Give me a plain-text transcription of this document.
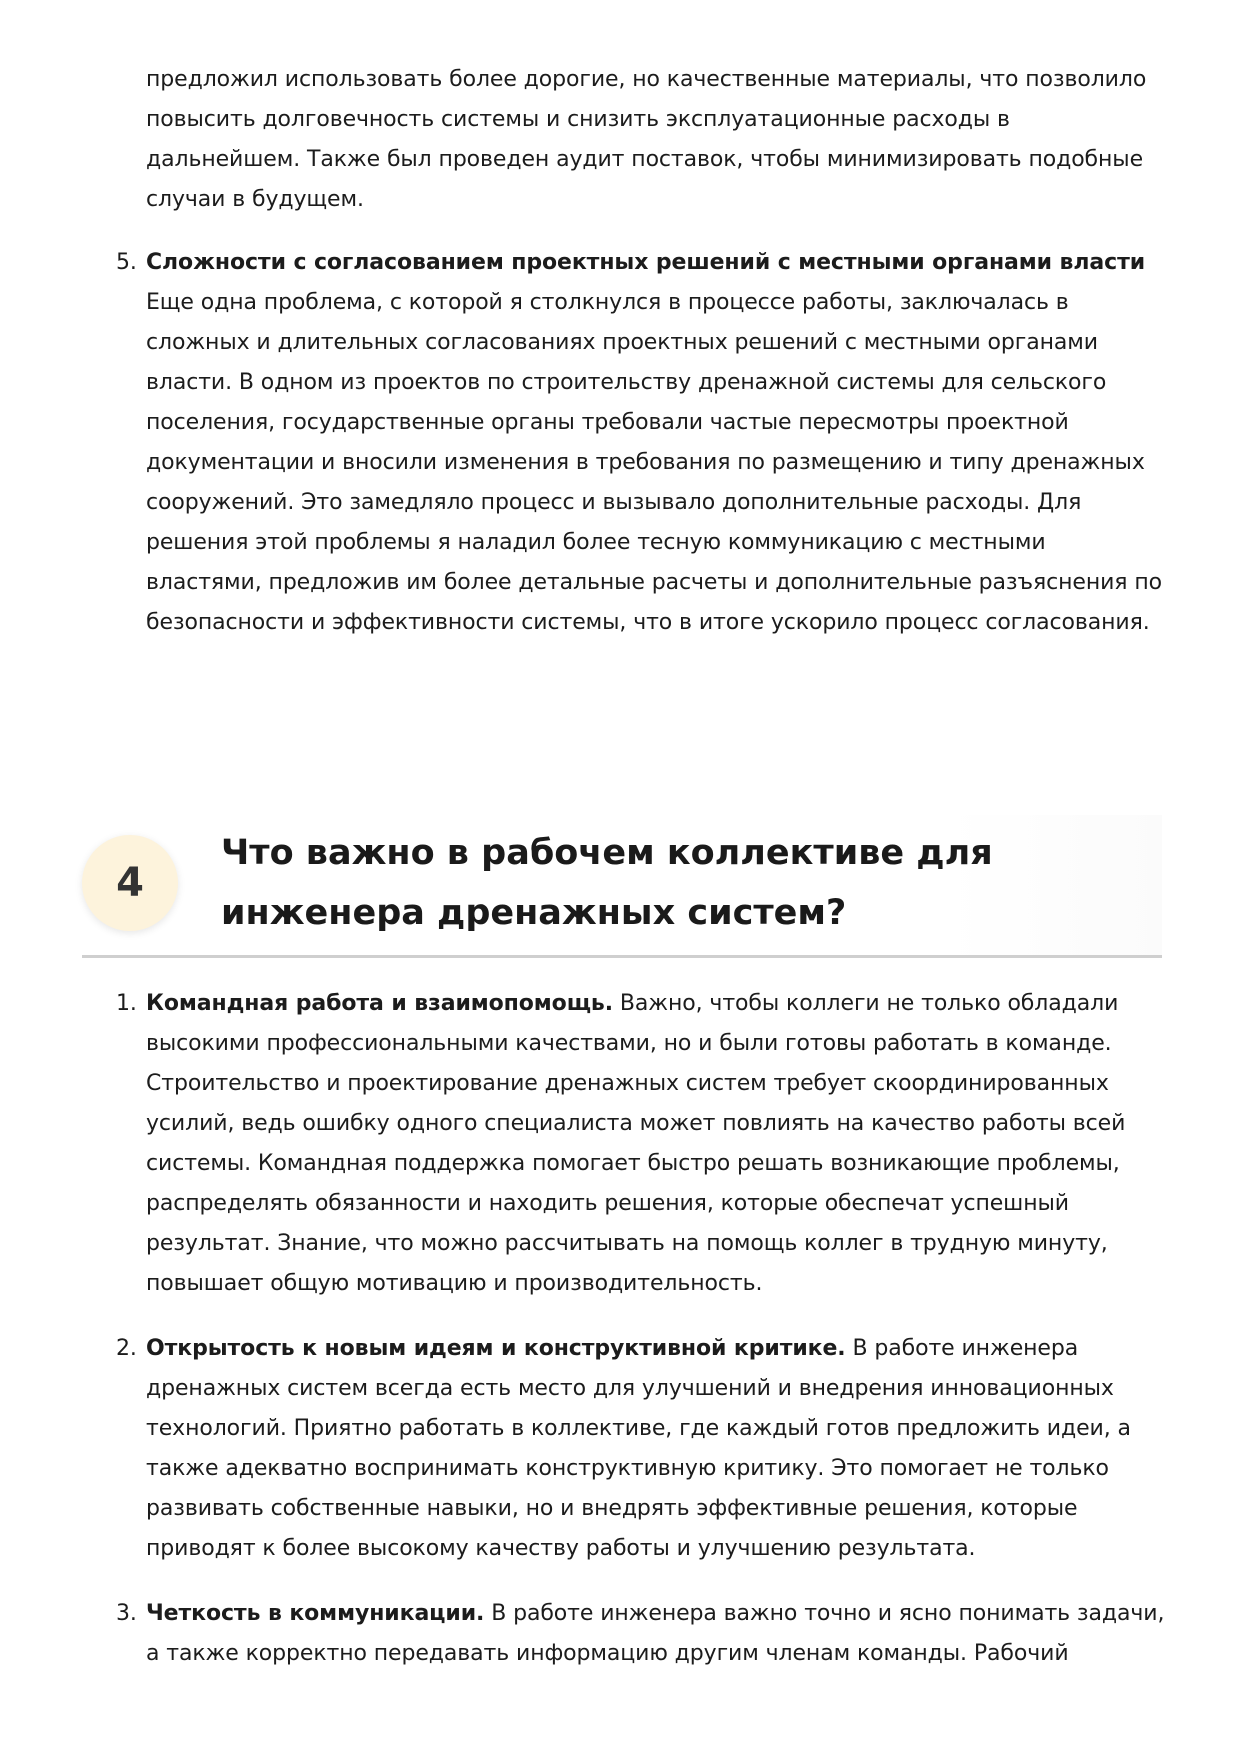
предложил использовать более дорогие, но качественные материалы, что позволило повысить долговечность системы и снизить эксплуатационные расходы в дальнейшем. Также был проведен аудит поставок, чтобы минимизировать подобные случаи в будущем.
5. Сложности с согласованием проектных решений с местными органами власти
Еще одна проблема, с которой я столкнулся в процессе работы, заключалась в сложных и длительных согласованиях проектных решений с местными органами власти. В одном из проектов по строительству дренажной системы для сельского поселения, государственные органы требовали частые пересмотры проектной документации и вносили изменения в требования по размещению и типу дренажных сооружений. Это замедляло процесс и вызывало дополнительные расходы. Для решения этой проблемы я наладил более тесную коммуникацию с местными властями, предложив им более детальные расчеты и дополнительные разъяснения по безопасности и эффективности системы, что в итоге ускорило процесс согласования.
4
Что важно в рабочем коллективе для инженера дренажных систем?
1. Командная работа и взаимопомощь. Важно, чтобы коллеги не только обладали высокими профессиональными качествами, но и были готовы работать в команде. Строительство и проектирование дренажных систем требует скоординированных усилий, ведь ошибку одного специалиста может повлиять на качество работы всей системы. Командная поддержка помогает быстро решать возникающие проблемы, распределять обязанности и находить решения, которые обеспечат успешный результат. Знание, что можно рассчитывать на помощь коллег в трудную минуту, повышает общую мотивацию и производительность.
2. Открытость к новым идеям и конструктивной критике. В работе инженера дренажных систем всегда есть место для улучшений и внедрения инновационных технологий. Приятно работать в коллективе, где каждый готов предложить идеи, а также адекватно воспринимать конструктивную критику. Это помогает не только развивать собственные навыки, но и внедрять эффективные решения, которые приводят к более высокому качеству работы и улучшению результата.
3. Четкость в коммуникации. В работе инженера важно точно и ясно понимать задачи, а также корректно передавать информацию другим членам команды. Рабочий
